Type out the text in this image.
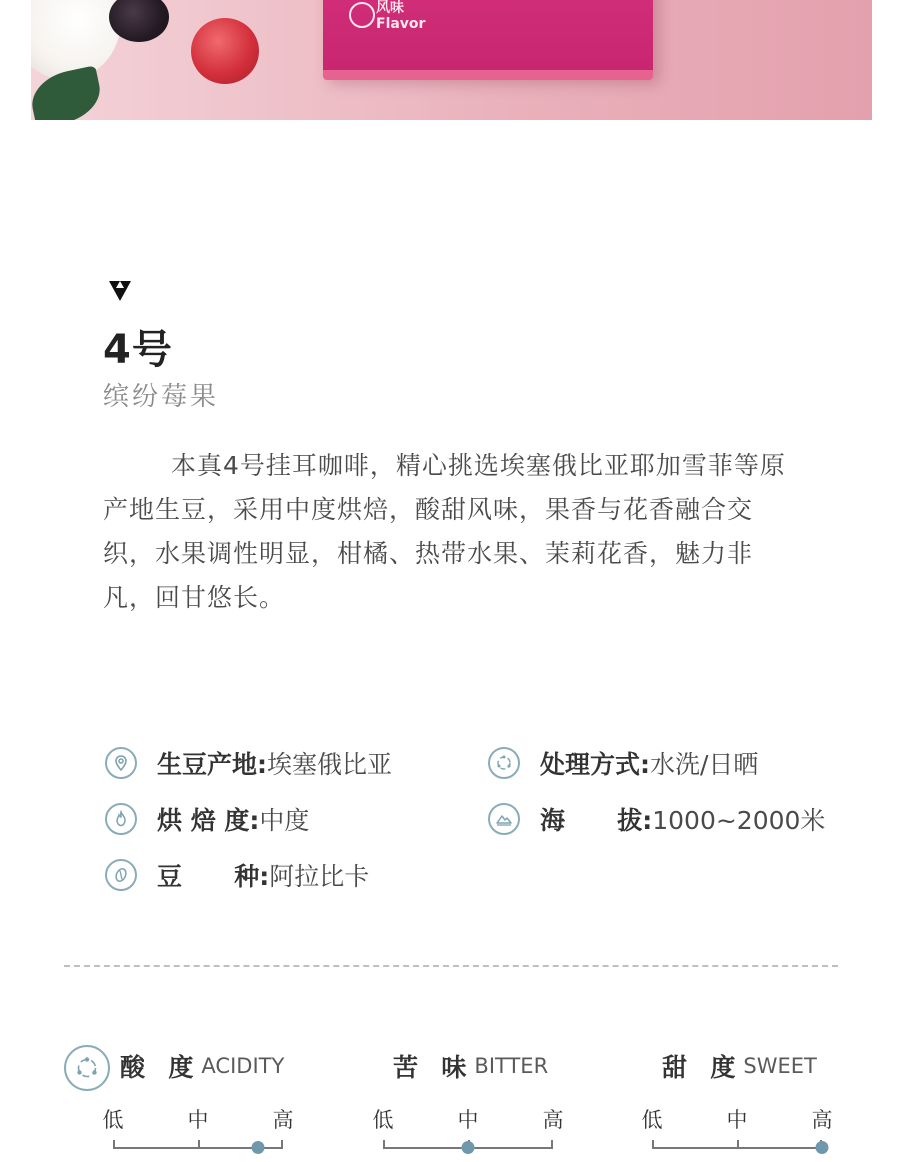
风味
Flavor
4号
缤纷莓果

本真4号挂耳咖啡，精心挑选埃塞俄比亚耶加雪菲等原产地生豆，采用中度烘焙，酸甜风味，果香与花香融合交织，水果调性明显，柑橘、热带水果、茉莉花香，魅力非凡，回甘悠长。

生豆产地: 埃塞俄比亚	处理方式: 水洗/日晒
烘 焙 度: 中度	海      拔: 1000~2000米
豆      种: 阿拉比卡
酸  度 ACIDITY	苦  味 BITTER	甜  度 SWEET
低	中	高	低	中	高	低	中	高
